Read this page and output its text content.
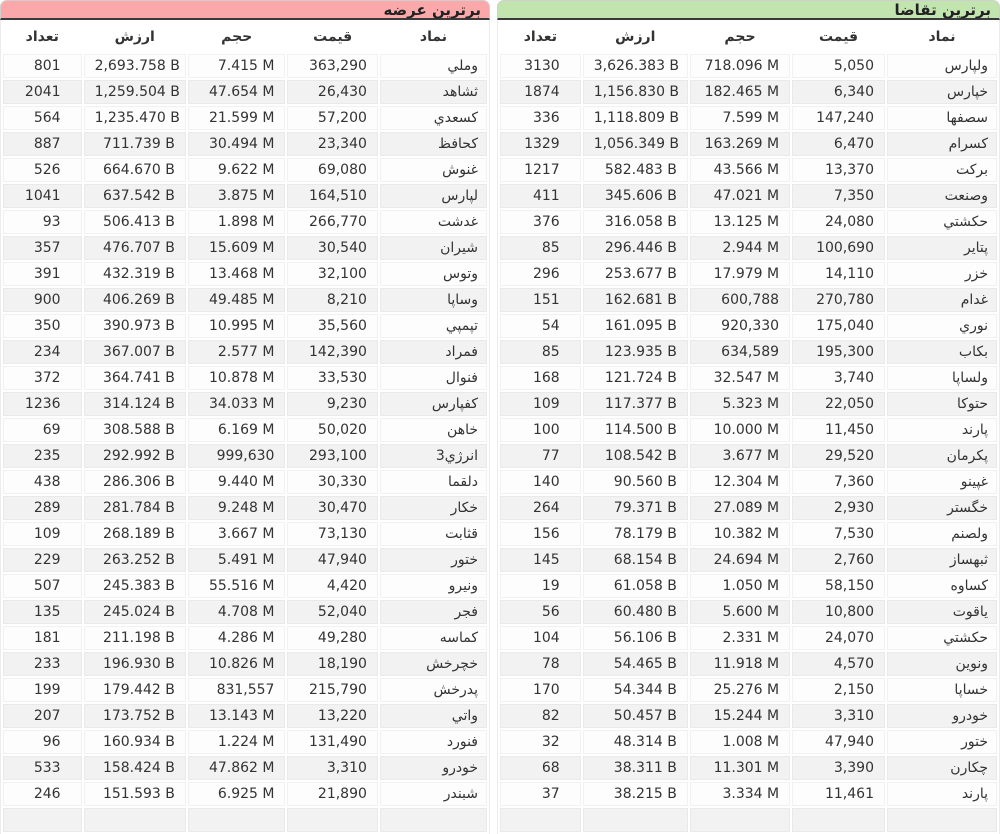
برترين عرضه
نماد	قيمت	حجم	ارزش	تعداد
وملي	363,290	7.415 M	2,693.758 B	801
ثشاهد	26,430	47.654 M	1,259.504 B	2041
كسعدي	57,200	21.599 M	1,235.470 B	564
كحافظ	23,340	30.494 M	711.739 B	887
غنوش	69,080	9.622 M	664.670 B	526
لپارس	164,510	3.875 M	637.542 B	1041
غدشت	266,770	1.898 M	506.413 B	93
شيران	30,540	15.609 M	476.707 B	357
وتوس	32,100	13.468 M	432.319 B	391
وساپا	8,210	49.485 M	406.269 B	900
تپمپي	35,560	10.995 M	390.973 B	350
فمراد	142,390	2.577 M	367.007 B	234
فنوال	33,530	10.878 M	364.741 B	372
كفپارس	9,230	34.033 M	314.124 B	1236
خاهن	50,020	6.169 M	308.588 B	69
انرژي3	293,100	999,630	292.992 B	235
دلقما	30,330	9.440 M	286.306 B	438
خكار	30,470	9.248 M	281.784 B	289
قثابت	73,130	3.667 M	268.189 B	109
ختور	47,940	5.491 M	263.252 B	229
ونيرو	4,420	55.516 M	245.383 B	507
فجر	52,040	4.708 M	245.024 B	135
كماسه	49,280	4.286 M	211.198 B	181
خچرخش	18,190	10.826 M	196.930 B	233
پدرخش	215,790	831,557	179.442 B	199
واتي	13,220	13.143 M	173.752 B	207
فنورد	131,490	1.224 M	160.934 B	96
خودرو	3,310	47.862 M	158.424 B	533
شبندر	21,890	6.925 M	151.593 B	246

برترين تقاضا
نماد	قيمت	حجم	ارزش	تعداد
ولپارس	5,050	718.096 M	3,626.383 B	3130
خپارس	6,340	182.465 M	1,156.830 B	1874
سصفها	147,240	7.599 M	1,118.809 B	336
كسرام	6,470	163.269 M	1,056.349 B	1329
بركت	13,370	43.566 M	582.483 B	1217
وصنعت	7,350	47.021 M	345.606 B	411
حكشتي	24,080	13.125 M	316.058 B	376
پتاير	100,690	2.944 M	296.446 B	85
خزر	14,110	17.979 M	253.677 B	296
غدام	270,780	600,788	162.681 B	151
نوري	175,040	920,330	161.095 B	54
بكاب	195,300	634,589	123.935 B	85
ولساپا	3,740	32.547 M	121.724 B	168
حتوكا	22,050	5.323 M	117.377 B	109
پارند	11,450	10.000 M	114.500 B	100
پكرمان	29,520	3.677 M	108.542 B	77
غپينو	7,360	12.304 M	90.560 B	140
خگستر	2,930	27.089 M	79.371 B	264
ولصنم	7,530	10.382 M	78.179 B	156
ثبهساز	2,760	24.694 M	68.154 B	145
كساوه	58,150	1.050 M	61.058 B	19
ياقوت	10,800	5.600 M	60.480 B	56
حكشتي	24,070	2.331 M	56.106 B	104
ونوين	4,570	11.918 M	54.465 B	78
خساپا	2,150	25.276 M	54.344 B	170
خودرو	3,310	15.244 M	50.457 B	82
ختور	47,940	1.008 M	48.314 B	32
چكارن	3,390	11.301 M	38.311 B	68
پارند	11,461	3.334 M	38.215 B	37
